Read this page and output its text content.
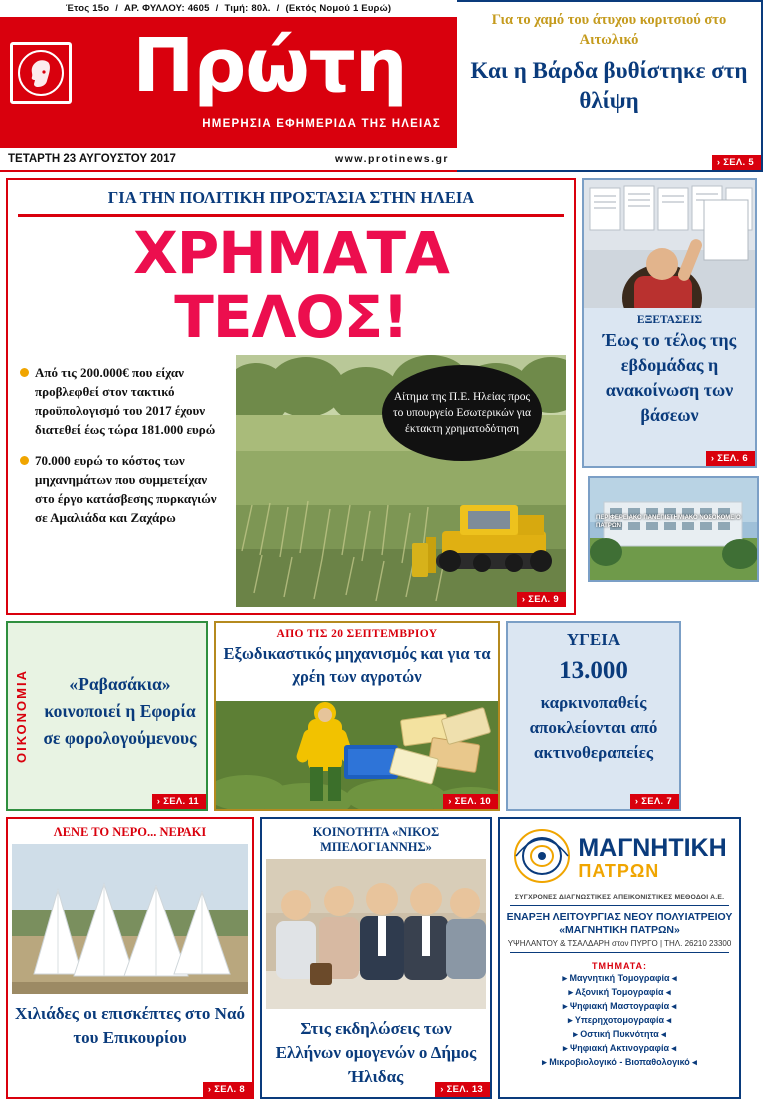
Έτος 15ο / ΑΡ. ΦΥΛΛΟΥ: 4605 / Τιμή: 80λ. / (Εκτός Νομού 1 Ευρώ)
Πρώτη
ΗΜΕΡΗΣΙΑ ΕΦΗΜΕΡΙΔΑ ΤΗΣ ΗΛΕΙΑΣ
ΤΕΤΑΡΤΗ 23 ΑΥΓΟΥΣΤΟΥ 2017	www.protinews.gr
Για το χαμό του άτυχου κοριτσιού στο Αιτωλικό
Και η Βάρδα βυθίστηκε στη θλίψη
› ΣΕΛ. 5
ΓΙΑ ΤΗΝ ΠΟΛΙΤΙΚΗ ΠΡΟΣΤΑΣΙΑ ΣΤΗΝ ΗΛΕΙΑ
ΧΡΗΜΑΤΑ ΤΕΛΟΣ!
Από τις 200.000€ που είχαν προβλεφθεί στον τακτικό προϋπολογισμό του 2017 έχουν διατεθεί έως τώρα 181.000 ευρώ
70.000 ευρώ το κόστος των μηχανημάτων που συμμετείχαν στο έργο κατάσβεσης πυρκαγιών σε Αμαλιάδα και Ζαχάρω
Αίτημα της Π.Ε. Ηλείας προς το υπουργείο Εσωτερικών για έκτακτη χρηματοδότηση
› ΣΕΛ. 9
ΕΞΕΤΑΣΕΙΣ
Έως το τέλος της εβδομάδας η ανακοίνωση των βάσεων
› ΣΕΛ. 6
ΟΙΚΟΝΟΜΙΑ	«Ραβασάκια» κοινοποιεί η Εφορία σε φορολογούμενους
› ΣΕΛ. 11
ΑΠΟ ΤΙΣ 20 ΣΕΠΤΕΜΒΡΙΟΥ
Εξωδικαστικός μηχανισμός και για τα χρέη των αγροτών
› ΣΕΛ. 10
ΥΓΕΙΑ
13.000
καρκινοπαθείς αποκλείονται από ακτινοθεραπείες
› ΣΕΛ. 7
ΠΕΡΙΦΕΡΕΙΑΚΟ ΠΑΝΕΠΙΣΤΗΜΙΑΚΟ ΝΟΣΟΚΟΜΕΙΟ ΠΑΤΡΩΝ
ΛΕΝΕ ΤΟ ΝΕΡΟ... ΝΕΡΑΚΙ
Χιλιάδες οι επισκέπτες στο Ναό του Επικουρίου
› ΣΕΛ. 8
ΚΟΙΝΟΤΗΤΑ «ΝΙΚΟΣ ΜΠΕΛΟΓΙΑΝΝΗΣ»
Στις εκδηλώσεις των Ελλήνων ομογενών ο Δήμος Ήλιδας
› ΣΕΛ. 13
ΜΑΓΝΗΤΙΚΗ
ΠΑΤΡΩΝ
ΣΥΓΧΡΟΝΕΣ ΔΙΑΓΝΩΣΤΙΚΕΣ ΑΠΕΙΚΟΝΙΣΤΙΚΕΣ ΜΕΘΟΔΟΙ Α.Ε.
ΕΝΑΡΞΗ ΛΕΙΤΟΥΡΓΙΑΣ ΝΕΟΥ ΠΟΛΥΙΑΤΡΕΙΟΥ
«ΜΑΓΝΗΤΙΚΗ ΠΑΤΡΩΝ»
ΥΨΗΛΑΝΤΟΥ & ΤΣΑΛΔΑΡΗ στον ΠΥΡΓΟ | ΤΗΛ. 26210 23300
ΤΜΗΜΑΤΑ:
▸ Μαγνητική Τομογραφία ◂
▸ Αξονική Τομογραφία ◂
▸ Ψηφιακή Μαστογραφία ◂
▸ Υπερηχοτομογραφία ◂
▸ Οστική Πυκνότητα ◂
▸ Ψηφιακή Ακτινογραφία ◂
▸ Μικροβιολογικό - Βιοπαθολογικό ◂
